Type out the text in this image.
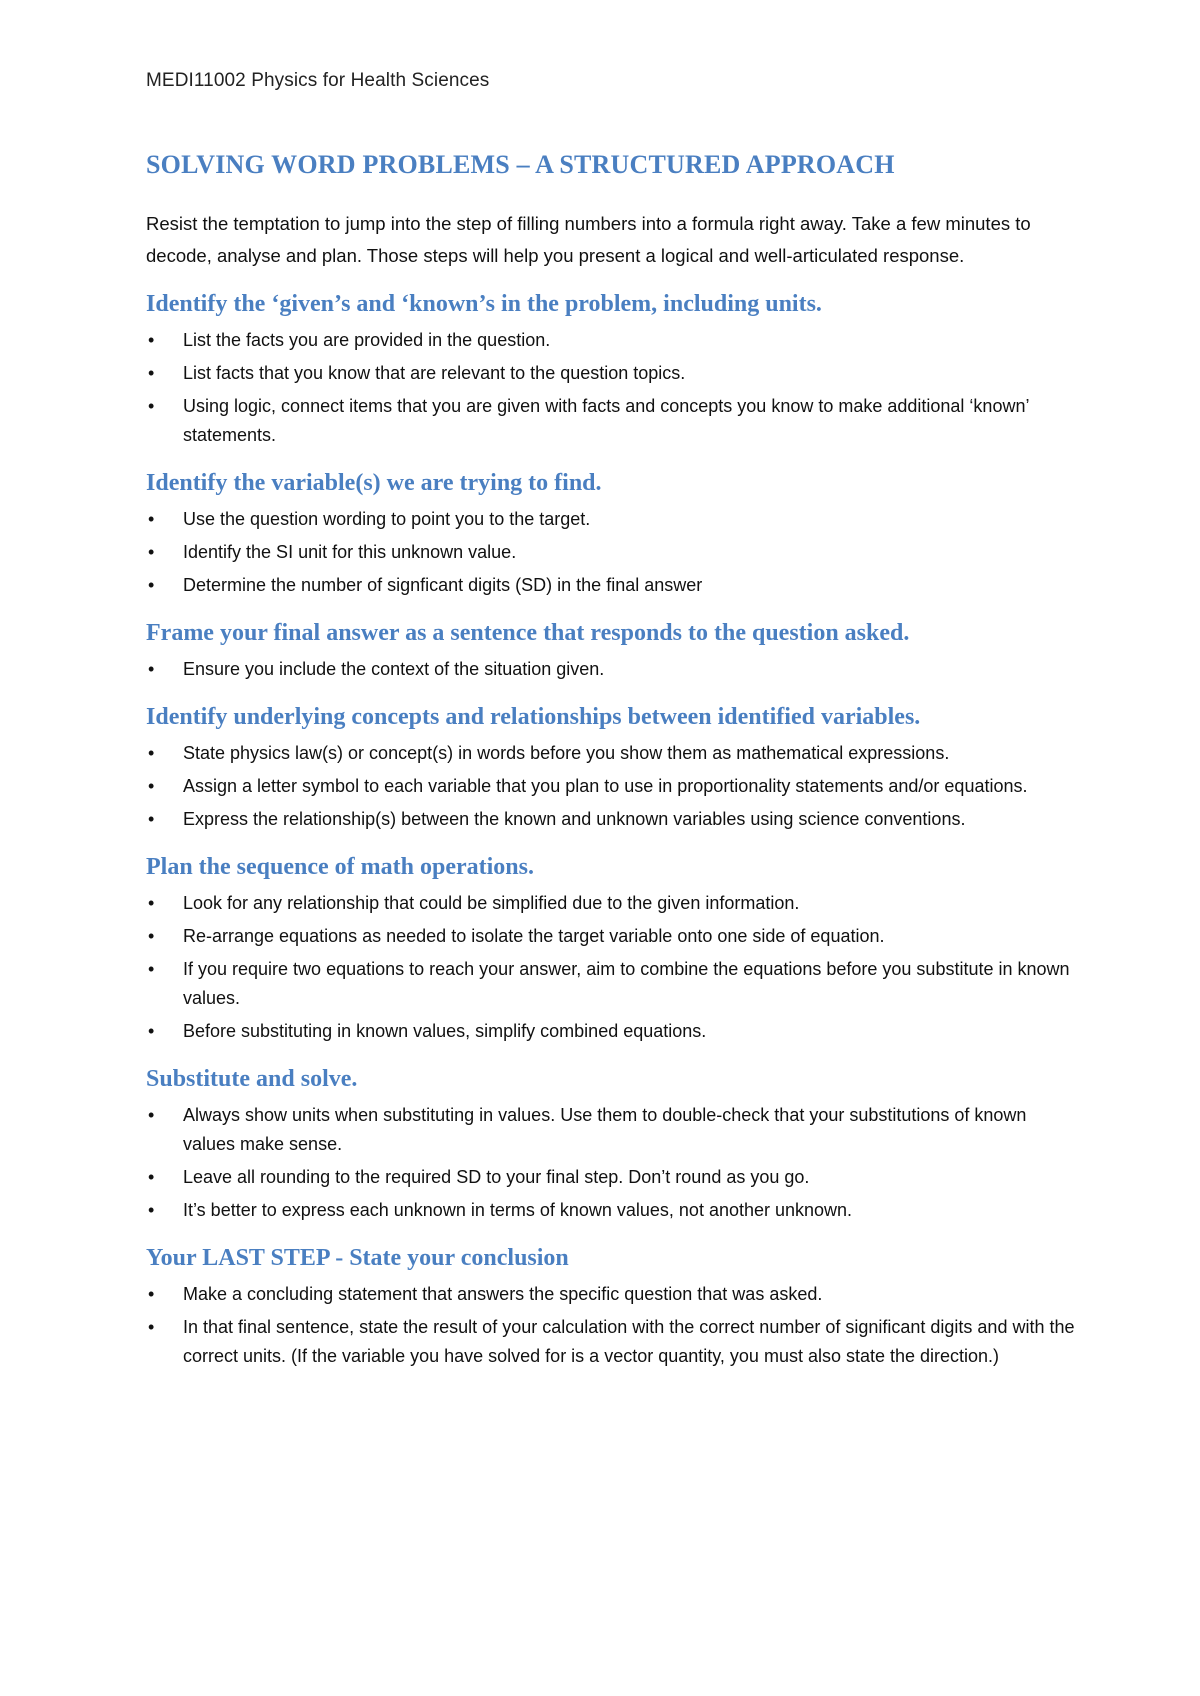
MEDI11002 Physics for Health Sciences
SOLVING WORD PROBLEMS – A STRUCTURED APPROACH

Resist the temptation to jump into the step of filling numbers into a formula right away. Take a few minutes to decode, analyse and plan. Those steps will help you present a logical and well-articulated response.

Identify the ‘given’s and ‘known’s in the problem, including units.
• List the facts you are provided in the question.
• List facts that you know that are relevant to the question topics.
• Using logic, connect items that you are given with facts and concepts you know to make additional ‘known’ statements.
Identify the variable(s) we are trying to find.
• Use the question wording to point you to the target.
• Identify the SI unit for this unknown value.
• Determine the number of signficant digits (SD) in the final answer
Frame your final answer as a sentence that responds to the question asked.
• Ensure you include the context of the situation given.
Identify underlying concepts and relationships between identified variables.
• State physics law(s) or concept(s) in words before you show them as mathematical expressions.
• Assign a letter symbol to each variable that you plan to use in proportionality statements and/or equations.
• Express the relationship(s) between the known and unknown variables using science conventions.
Plan the sequence of math operations.
• Look for any relationship that could be simplified due to the given information.
• Re-arrange equations as needed to isolate the target variable onto one side of equation.
• If you require two equations to reach your answer, aim to combine the equations before you substitute in known values.
• Before substituting in known values, simplify combined equations.
Substitute and solve.
• Always show units when substituting in values. Use them to double-check that your substitutions of known values make sense.
• Leave all rounding to the required SD to your final step. Don’t round as you go.
• It’s better to express each unknown in terms of known values, not another unknown.
Your LAST STEP - State your conclusion
• Make a concluding statement that answers the specific question that was asked.
• In that final sentence, state the result of your calculation with the correct number of significant digits and with the correct units. (If the variable you have solved for is a vector quantity, you must also state the direction.)
